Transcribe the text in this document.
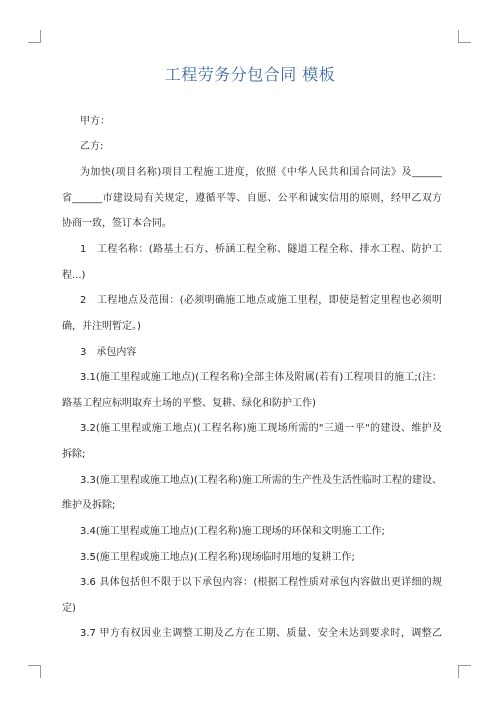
工程劳务分包合同 模板
甲方：
乙方:
为加快(项目名称)项目工程施工进度，依照《中华人民共和国合同法》及______
省______市建设局有关规定，遵循平等、自愿、公平和诚实信用的原则，经甲乙双方
协商一致，签订本合同。
1　工程名称：(路基土石方、桥涵工程全称、隧道工程全称、排水工程、防护工
程...)
2　工程地点及范围：(必须明确施工地点或施工里程，即使是暂定里程也必须明
确，并注明暂定。)
3　承包内容
3.1(施工里程或施工地点)(工程名称)全部主体及附属(若有)工程项目的施工;(注：
路基工程应标明取弃土场的平整、复耕、绿化和防护工作)
3.2(施工里程或施工地点)(工程名称)施工现场所需的"三通一平"的建设、维护及
拆除;
3.3(施工里程或施工地点)(工程名称)施工所需的生产性及生活性临时工程的建设、
维护及拆除;
3.4(施工里程或施工地点)(工程名称)施工现场的环保和文明施工工作;
3.5(施工里程或施工地点)(工程名称)现场临时用地的复耕工作;
3.6 具体包括但不限于以下承包内容：(根据工程性质对承包内容做出更详细的规
定)
3.7 甲方有权因业主调整工期及乙方在工期、质量、安全未达到要求时，调整乙
